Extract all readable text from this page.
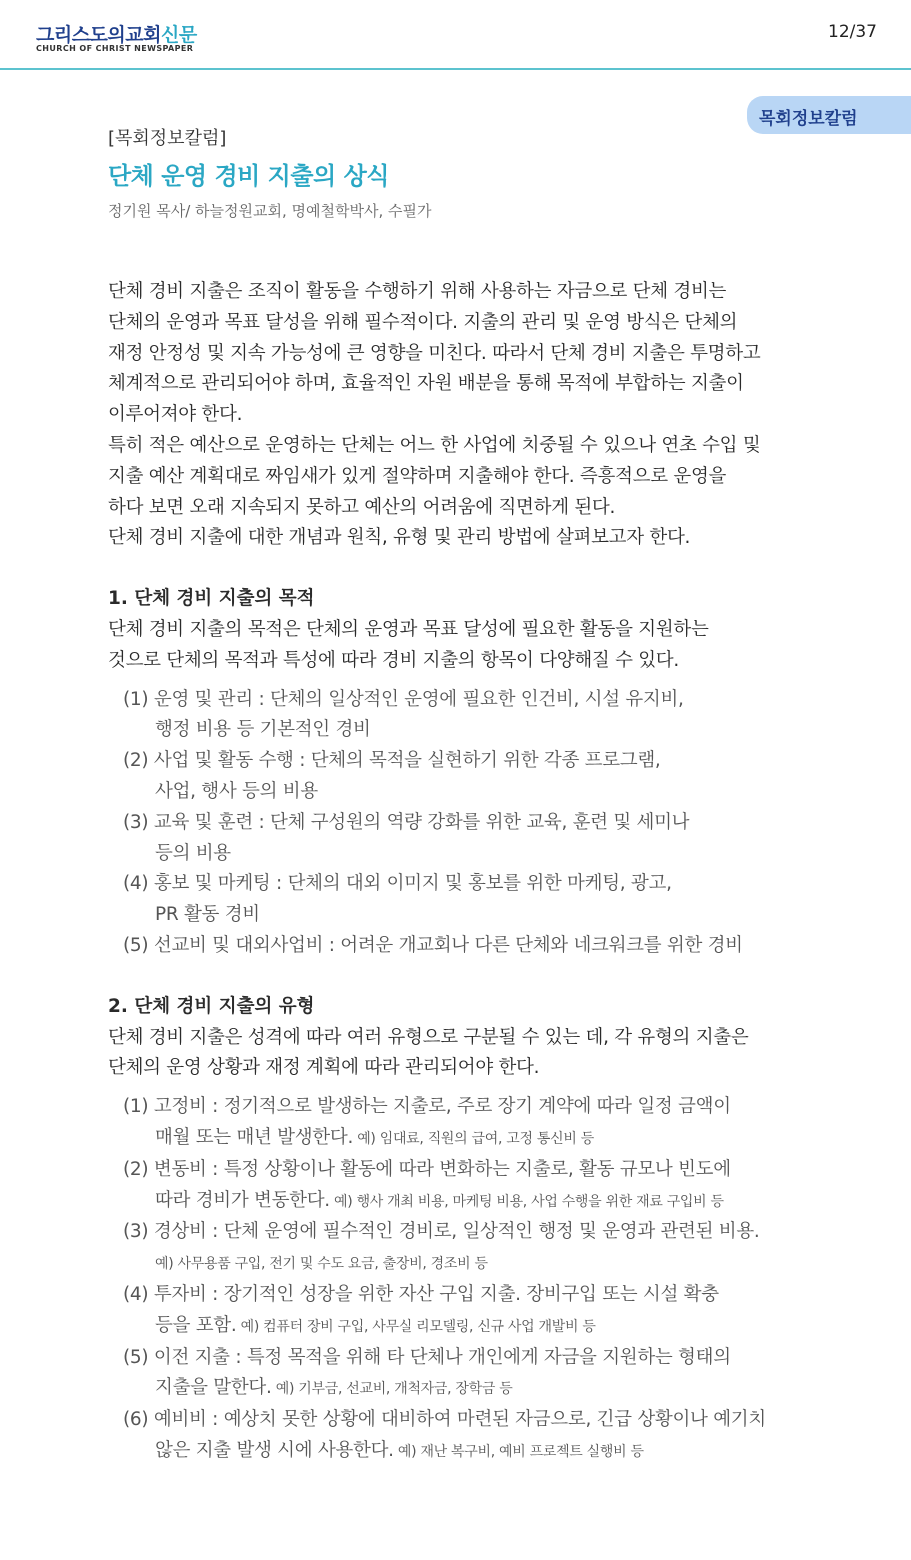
그리스도의교회신문
CHURCH OF CHRIST NEWSPAPER
12/37
목회정보칼럼
[목회정보칼럼]
단체 운영 경비 지출의 상식
정기원 목사/ 하늘정원교회, 명예철학박사, 수필가
단체 경비 지출은 조직이 활동을 수행하기 위해 사용하는 자금으로 단체 경비는
단체의 운영과 목표 달성을 위해 필수적이다. 지출의 관리 및 운영 방식은 단체의
재정 안정성 및 지속 가능성에 큰 영향을 미친다. 따라서 단체 경비 지출은 투명하고
체계적으로 관리되어야 하며, 효율적인 자원 배분을 통해 목적에 부합하는 지출이
이루어져야 한다.
특히 적은 예산으로 운영하는 단체는 어느 한 사업에 치중될 수 있으나 연초 수입 및
지출 예산 계획대로 짜임새가 있게 절약하며 지출해야 한다. 즉흥적으로 운영을
하다 보면 오래 지속되지 못하고 예산의 어려움에 직면하게 된다.
단체 경비 지출에 대한 개념과 원칙, 유형 및 관리 방법에 살펴보고자 한다.
1. 단체 경비 지출의 목적
단체 경비 지출의 목적은 단체의 운영과 목표 달성에 필요한 활동을 지원하는
것으로 단체의 목적과 특성에 따라 경비 지출의 항목이 다양해질 수 있다.
(1) 운영 및 관리 : 단체의 일상적인 운영에 필요한 인건비, 시설 유지비,
행정 비용 등 기본적인 경비
(2) 사업 및 활동 수행 : 단체의 목적을 실현하기 위한 각종 프로그램,
사업, 행사 등의 비용
(3) 교육 및 훈련 : 단체 구성원의 역량 강화를 위한 교육, 훈련 및 세미나
등의 비용
(4) 홍보 및 마케팅 : 단체의 대외 이미지 및 홍보를 위한 마케팅, 광고,
PR 활동 경비
(5) 선교비 및 대외사업비 : 어려운 개교회나 다른 단체와 네크워크를 위한 경비
2. 단체 경비 지출의 유형
단체 경비 지출은 성격에 따라 여러 유형으로 구분될 수 있는 데, 각 유형의 지출은
단체의 운영 상황과 재정 계획에 따라 관리되어야 한다.
(1) 고정비 : 정기적으로 발생하는 지출로, 주로 장기 계약에 따라 일정 금액이
매월 또는 매년 발생한다. 예) 임대료, 직원의 급여, 고정 통신비 등
(2) 변동비 : 특정 상황이나 활동에 따라 변화하는 지출로, 활동 규모나 빈도에
따라 경비가 변동한다. 예) 행사 개최 비용, 마케팅 비용, 사업 수행을 위한 재료 구입비 등
(3) 경상비 : 단체 운영에 필수적인 경비로, 일상적인 행정 및 운영과 관련된 비용.
예) 사무용품 구입, 전기 및 수도 요금, 출장비, 경조비 등
(4) 투자비 : 장기적인 성장을 위한 자산 구입 지출. 장비구입 또는 시설 확충
등을 포함. 예) 컴퓨터 장비 구입, 사무실 리모델링, 신규 사업 개발비 등
(5) 이전 지출 : 특정 목적을 위해 타 단체나 개인에게 자금을 지원하는 형태의
지출을 말한다. 예) 기부금, 선교비, 개척자금, 장학금 등
(6) 예비비 : 예상치 못한 상황에 대비하여 마련된 자금으로, 긴급 상황이나 예기치
않은 지출 발생 시에 사용한다. 예) 재난 복구비, 예비 프로젝트 실행비 등
